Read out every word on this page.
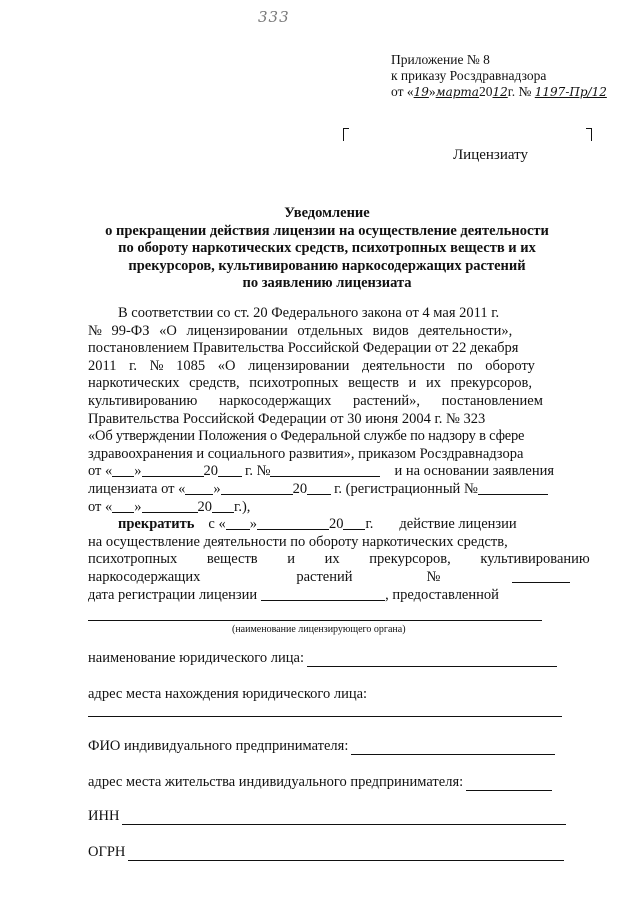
333
Приложение № 8
к приказу Росздравнадзора
от «19»марта2012г. № 1197-Пр/12
Лицензиату
Уведомление
о прекращении действия лицензии на осуществление деятельности
по обороту наркотических средств, психотропных веществ и их
прекурсоров, культивированию наркосодержащих растений
по заявлению лицензиата
В соответствии со ст. 20 Федерального закона от 4 мая 2011 г.
№ 99-ФЗ «О лицензировании отдельных видов деятельности»,
постановлением Правительства Российской Федерации от 22 декабря
2011 г. № 1085 «О лицензировании деятельности по обороту
наркотических средств, психотропных веществ и их прекурсоров,
культивированию наркосодержащих растений», постановлением
Правительства Российской Федерации от 30 июня 2004 г. № 323
«Об утверждении Положения о Федеральной службе по надзору в сфере
здравоохранения и социального развития», приказом Росздравнадзора
от « »	20 г. №	и на основании заявления
лицензиата от « »	20 г. (регистрационный №
от « »	20 г.),
прекратить с « »	20 г. действие лицензии
на осуществление деятельности по обороту наркотических средств,
психотропных веществ и их прекурсоров, культивированию
наркосодержащих	растений	№
дата регистрации лицензии	, предоставленной
(наименование лицензирующего органа)
наименование юридического лица:
адрес места нахождения юридического лица:
ФИО индивидуального предпринимателя:
адрес места жительства индивидуального предпринимателя:
ИНН
ОГРН
